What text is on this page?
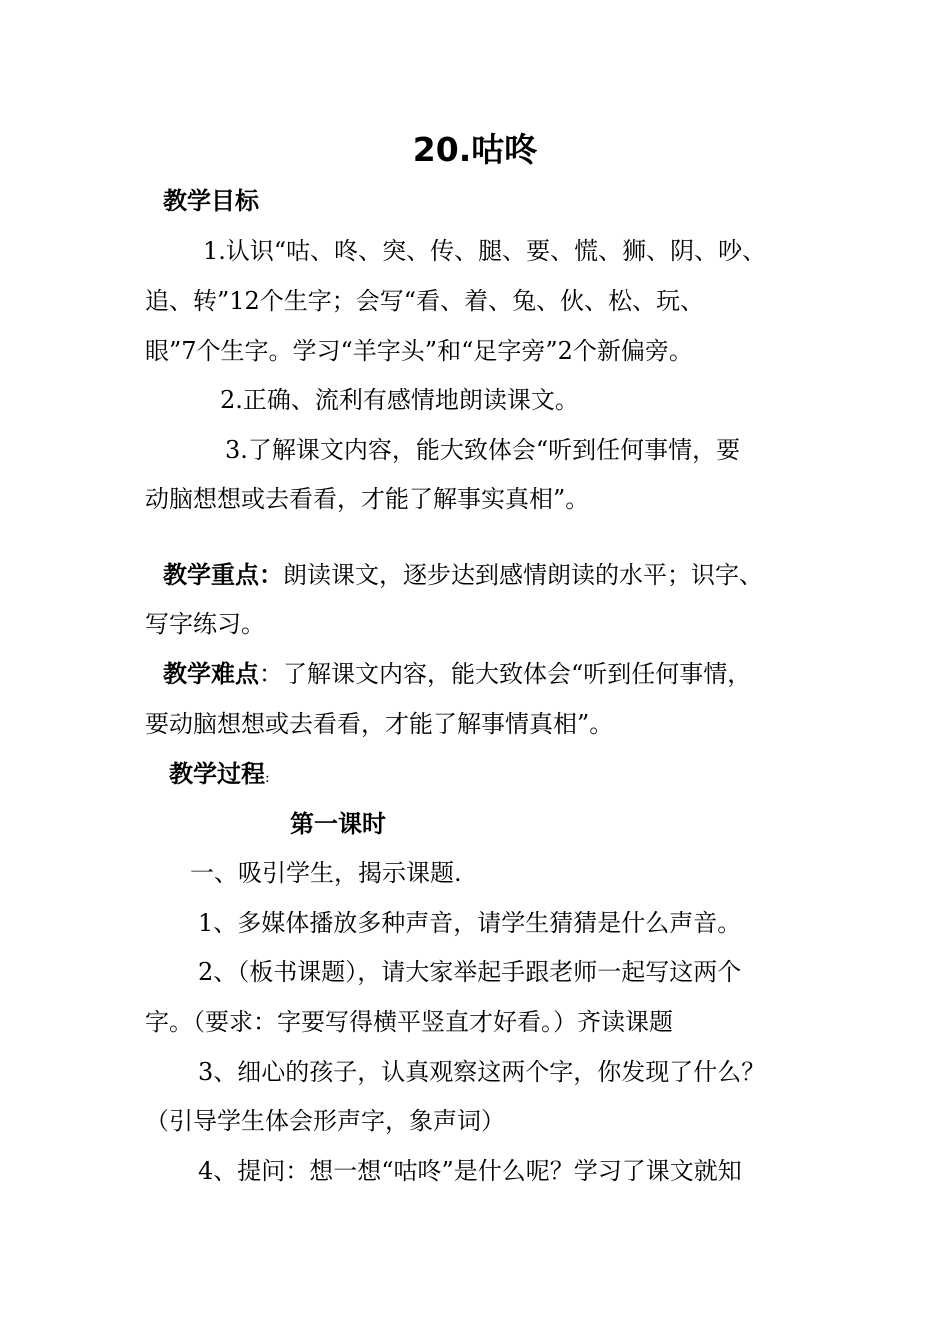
20.咕咚
教学目标
1.认识“咕、咚、突、传、腿、要、慌、狮、阴、吵、
追、转”12个生字；会写“看、着、兔、伙、松、玩、
眼”7个生字。学习“羊字头”和“足字旁”2个新偏旁。
2.正确、流利有感情地朗读课文。
3.了解课文内容，能大致体会“听到任何事情，要
动脑想想或去看看，才能了解事实真相”。
教学重点：朗读课文，逐步达到感情朗读的水平；识字、
写字练习。
教学难点：了解课文内容，能大致体会“听到任何事情，
要动脑想想或去看看，才能了解事情真相”。
教学过程:
第一课时
一、吸引学生，揭示课题.
1、多媒体播放多种声音，请学生猜猜是什么声音。
2、（板书课题），请大家举起手跟老师一起写这两个
字。（要求：字要写得横平竖直才好看。）齐读课题
3、细心的孩子，认真观察这两个字，你发现了什么？
（引导学生体会形声字，象声词）
4、提问：想一想“咕咚”是什么呢？学习了课文就知
